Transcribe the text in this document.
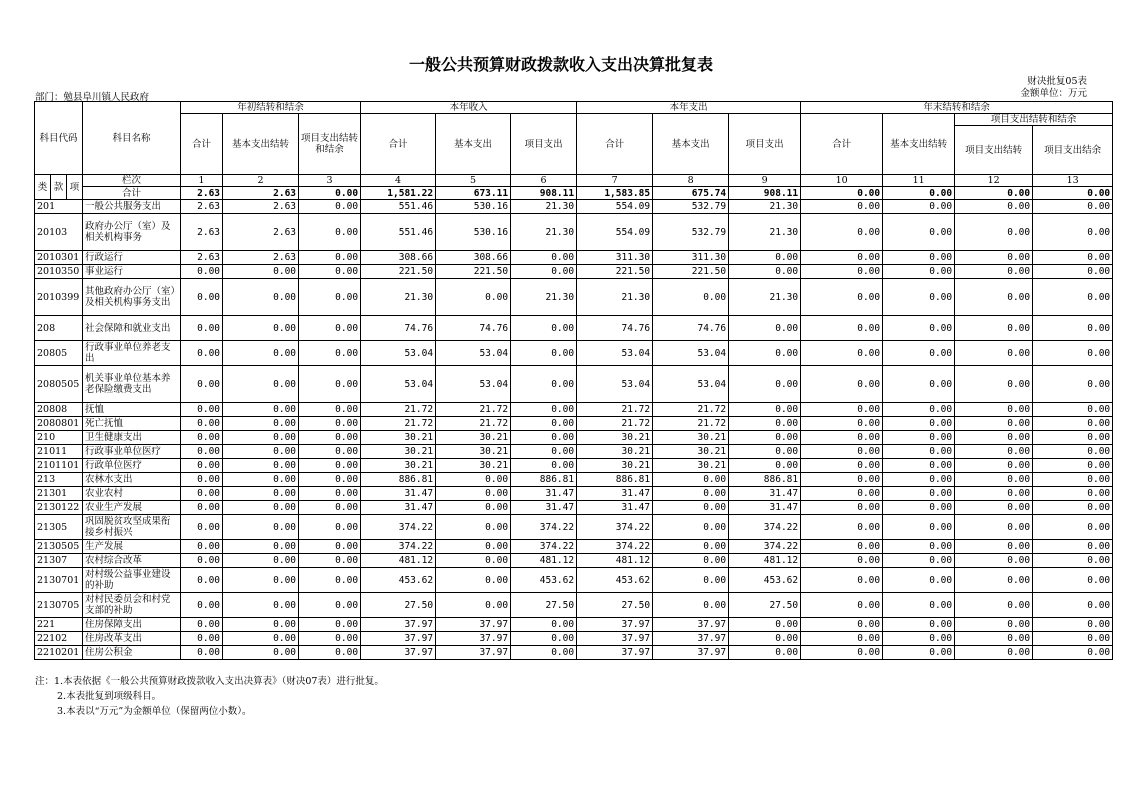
一般公共预算财政拨款收入支出决算批复表
财决批复05表
金额单位：万元
部门：勉县阜川镇人民政府
科目代码			科目名称	年初结转和结余			本年收入			本年支出			年末结转和结余			
				合计	基本支出结转	项目支出结转和结余	合计	基本支出	项目支出	合计	基本支出	项目支出	合计	基本支出结转	项目支出结转和结余	
															项目支出结转	项目支出结余
类	款	项	栏次	1	2	3	4	5	6	7	8	9	10	11	12	13
			合计	2.63	2.63	0.00	1,581.22	673.11	908.11	1,583.85	675.74	908.11	0.00	0.00	0.00	0.00
201			一般公共服务支出	2.63	2.63	0.00	551.46	530.16	21.30	554.09	532.79	21.30	0.00	0.00	0.00	0.00
20103			政府办公厅（室）及相关机构事务	2.63	2.63	0.00	551.46	530.16	21.30	554.09	532.79	21.30	0.00	0.00	0.00	0.00
2010301			行政运行	2.63	2.63	0.00	308.66	308.66	0.00	311.30	311.30	0.00	0.00	0.00	0.00	0.00
2010350			事业运行	0.00	0.00	0.00	221.50	221.50	0.00	221.50	221.50	0.00	0.00	0.00	0.00	0.00
2010399			其他政府办公厅（室）及相关机构事务支出	0.00	0.00	0.00	21.30	0.00	21.30	21.30	0.00	21.30	0.00	0.00	0.00	0.00
208			社会保障和就业支出	0.00	0.00	0.00	74.76	74.76	0.00	74.76	74.76	0.00	0.00	0.00	0.00	0.00
20805			行政事业单位养老支出	0.00	0.00	0.00	53.04	53.04	0.00	53.04	53.04	0.00	0.00	0.00	0.00	0.00
2080505			机关事业单位基本养老保险缴费支出	0.00	0.00	0.00	53.04	53.04	0.00	53.04	53.04	0.00	0.00	0.00	0.00	0.00
20808			抚恤	0.00	0.00	0.00	21.72	21.72	0.00	21.72	21.72	0.00	0.00	0.00	0.00	0.00
2080801			死亡抚恤	0.00	0.00	0.00	21.72	21.72	0.00	21.72	21.72	0.00	0.00	0.00	0.00	0.00
210			卫生健康支出	0.00	0.00	0.00	30.21	30.21	0.00	30.21	30.21	0.00	0.00	0.00	0.00	0.00
21011			行政事业单位医疗	0.00	0.00	0.00	30.21	30.21	0.00	30.21	30.21	0.00	0.00	0.00	0.00	0.00
2101101			行政单位医疗	0.00	0.00	0.00	30.21	30.21	0.00	30.21	30.21	0.00	0.00	0.00	0.00	0.00
213			农林水支出	0.00	0.00	0.00	886.81	0.00	886.81	886.81	0.00	886.81	0.00	0.00	0.00	0.00
21301			农业农村	0.00	0.00	0.00	31.47	0.00	31.47	31.47	0.00	31.47	0.00	0.00	0.00	0.00
2130122			农业生产发展	0.00	0.00	0.00	31.47	0.00	31.47	31.47	0.00	31.47	0.00	0.00	0.00	0.00
21305			巩固脱贫攻坚成果衔接乡村振兴	0.00	0.00	0.00	374.22	0.00	374.22	374.22	0.00	374.22	0.00	0.00	0.00	0.00
2130505			生产发展	0.00	0.00	0.00	374.22	0.00	374.22	374.22	0.00	374.22	0.00	0.00	0.00	0.00
21307			农村综合改革	0.00	0.00	0.00	481.12	0.00	481.12	481.12	0.00	481.12	0.00	0.00	0.00	0.00
2130701			对村级公益事业建设的补助	0.00	0.00	0.00	453.62	0.00	453.62	453.62	0.00	453.62	0.00	0.00	0.00	0.00
2130705			对村民委员会和村党支部的补助	0.00	0.00	0.00	27.50	0.00	27.50	27.50	0.00	27.50	0.00	0.00	0.00	0.00
221			住房保障支出	0.00	0.00	0.00	37.97	37.97	0.00	37.97	37.97	0.00	0.00	0.00	0.00	0.00
22102			住房改革支出	0.00	0.00	0.00	37.97	37.97	0.00	37.97	37.97	0.00	0.00	0.00	0.00	0.00
2210201			住房公积金	0.00	0.00	0.00	37.97	37.97	0.00	37.97	37.97	0.00	0.00	0.00	0.00	0.00
注：1.本表依据《一般公共预算财政拨款收入支出决算表》（财决07表）进行批复。
2.本表批复到项级科目。
3.本表以“万元”为金额单位（保留两位小数）。
